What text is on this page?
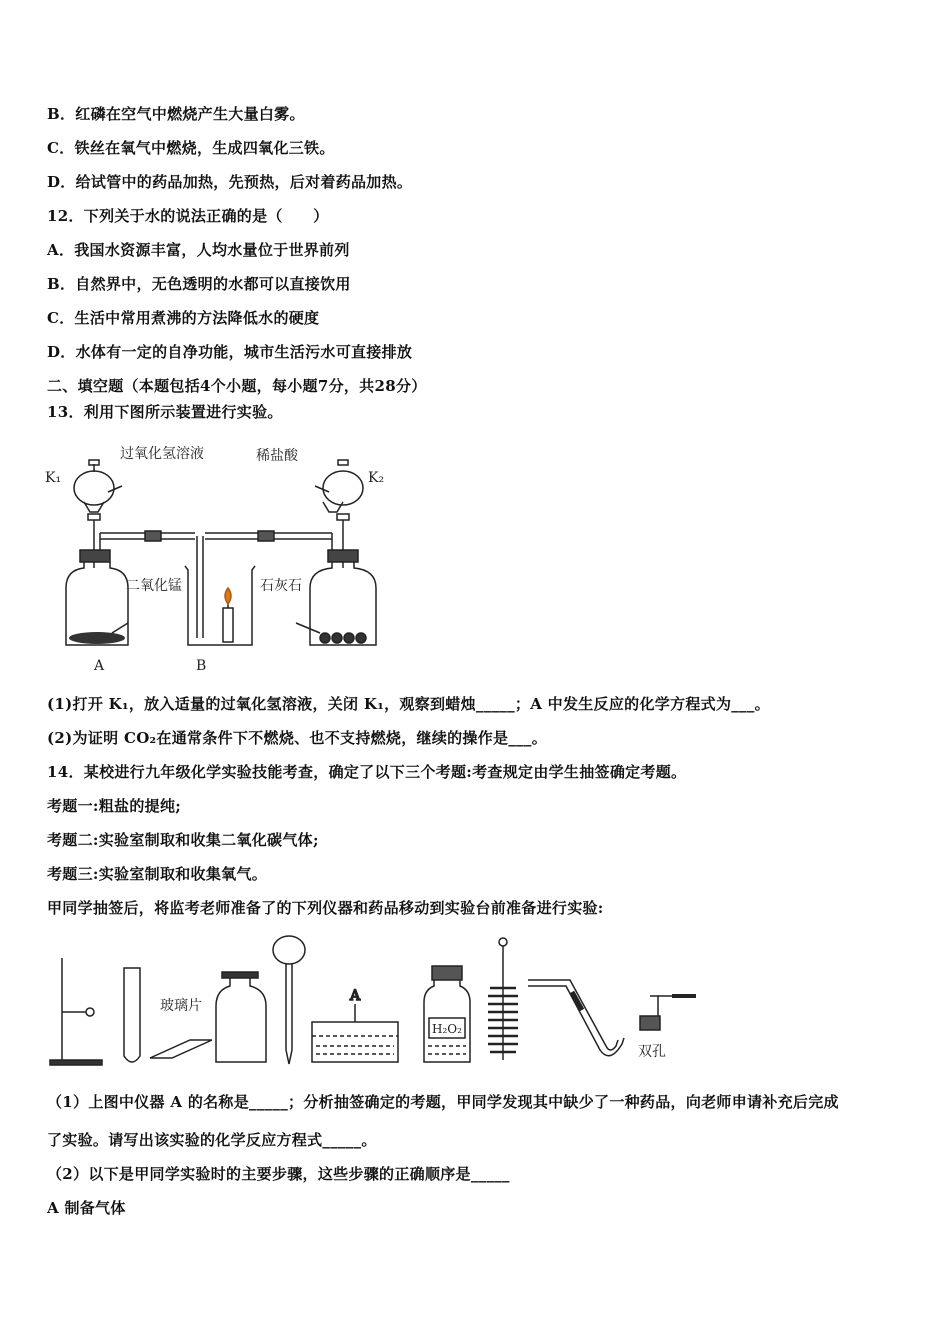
B．红磷在空气中燃烧产生大量白雾。
C．铁丝在氧气中燃烧，生成四氧化三铁。
D．给试管中的药品加热，先预热，后对着药品加热。
12．下列关于水的说法正确的是（　　）
A．我国水资源丰富，人均水量位于世界前列
B．自然界中，无色透明的水都可以直接饮用
C．生活中常用煮沸的方法降低水的硬度
D．水体有一定的自净功能，城市生活污水可直接排放
二、填空题（本题包括4个小题，每小题7分，共28分）
13．利用下图所示装置进行实验。
过氧化氢溶液	稀盐酸
K₁	K₂
二氧化锰	石灰石
A	B
(1)打开 K₁，放入适量的过氧化氢溶液，关闭 K₁，观察到蜡烛_____；A 中发生反应的化学方程式为___。
(2)为证明 CO₂在通常条件下不燃烧、也不支持燃烧，继续的操作是___。
14．某校进行九年级化学实验技能考查，确定了以下三个考题:考查规定由学生抽签确定考题。
考题一:粗盐的提纯;
考题二:实验室制取和收集二氧化碳气体;
考题三:实验室制取和收集氧气。
甲同学抽签后，将监考老师准备了的下列仪器和药品移动到实验台前准备进行实验:
玻璃片
A
H₂O₂
双孔
（1）上图中仪器 A 的名称是_____；分析抽签确定的考题，甲同学发现其中缺少了一种药品，向老师申请补充后完成
了实验。请写出该实验的化学反应方程式_____。
（2）以下是甲同学实验时的主要步骤，这些步骤的正确顺序是_____
A 制备气体
